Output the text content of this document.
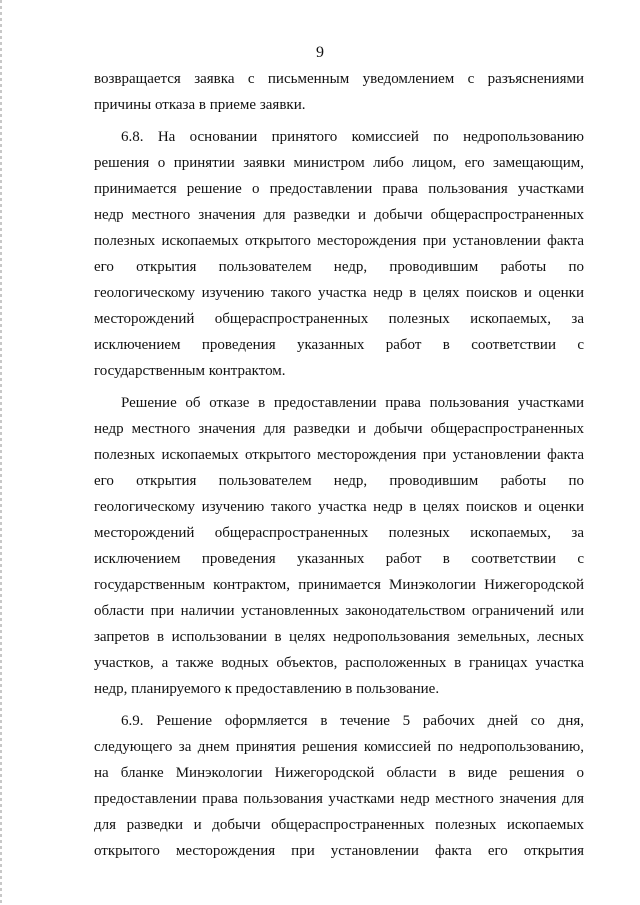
9
возвращается заявка с письменным уведомлением с разъяснениями
причины отказа в приеме заявки.
6.8. На основании принятого комиссией по недропользованию
решения о принятии заявки министром либо лицом, его замещающим,
принимается решение о предоставлении права пользования участками
недр местного значения для разведки и добычи общераспространенных
полезных ископаемых открытого месторождения при установлении факта
его открытия пользователем недр, проводившим работы по
геологическому изучению такого участка недр в целях поисков и оценки
месторождений общераспространенных полезных ископаемых, за
исключением проведения указанных работ в соответствии с
государственным контрактом.
Решение об отказе в предоставлении права пользования участками
недр местного значения для разведки и добычи общераспространенных
полезных ископаемых открытого месторождения при установлении факта
его открытия пользователем недр, проводившим работы по
геологическому изучению такого участка недр в целях поисков и оценки
месторождений общераспространенных полезных ископаемых, за
исключением проведения указанных работ в соответствии с
государственным контрактом, принимается Минэкологии Нижегородской
области при наличии установленных законодательством ограничений или
запретов в использовании в целях недропользования земельных, лесных
участков, а также водных объектов, расположенных в границах участка
недр, планируемого к предоставлению в пользование.
6.9. Решение оформляется в течение 5 рабочих дней со дня,
следующего за днем принятия решения комиссией по недропользованию,
на бланке Минэкологии Нижегородской области в виде решения о
предоставлении права пользования участками недр местного значения для
для разведки и добычи общераспространенных полезных ископаемых
открытого месторождения при установлении факта его открытия
